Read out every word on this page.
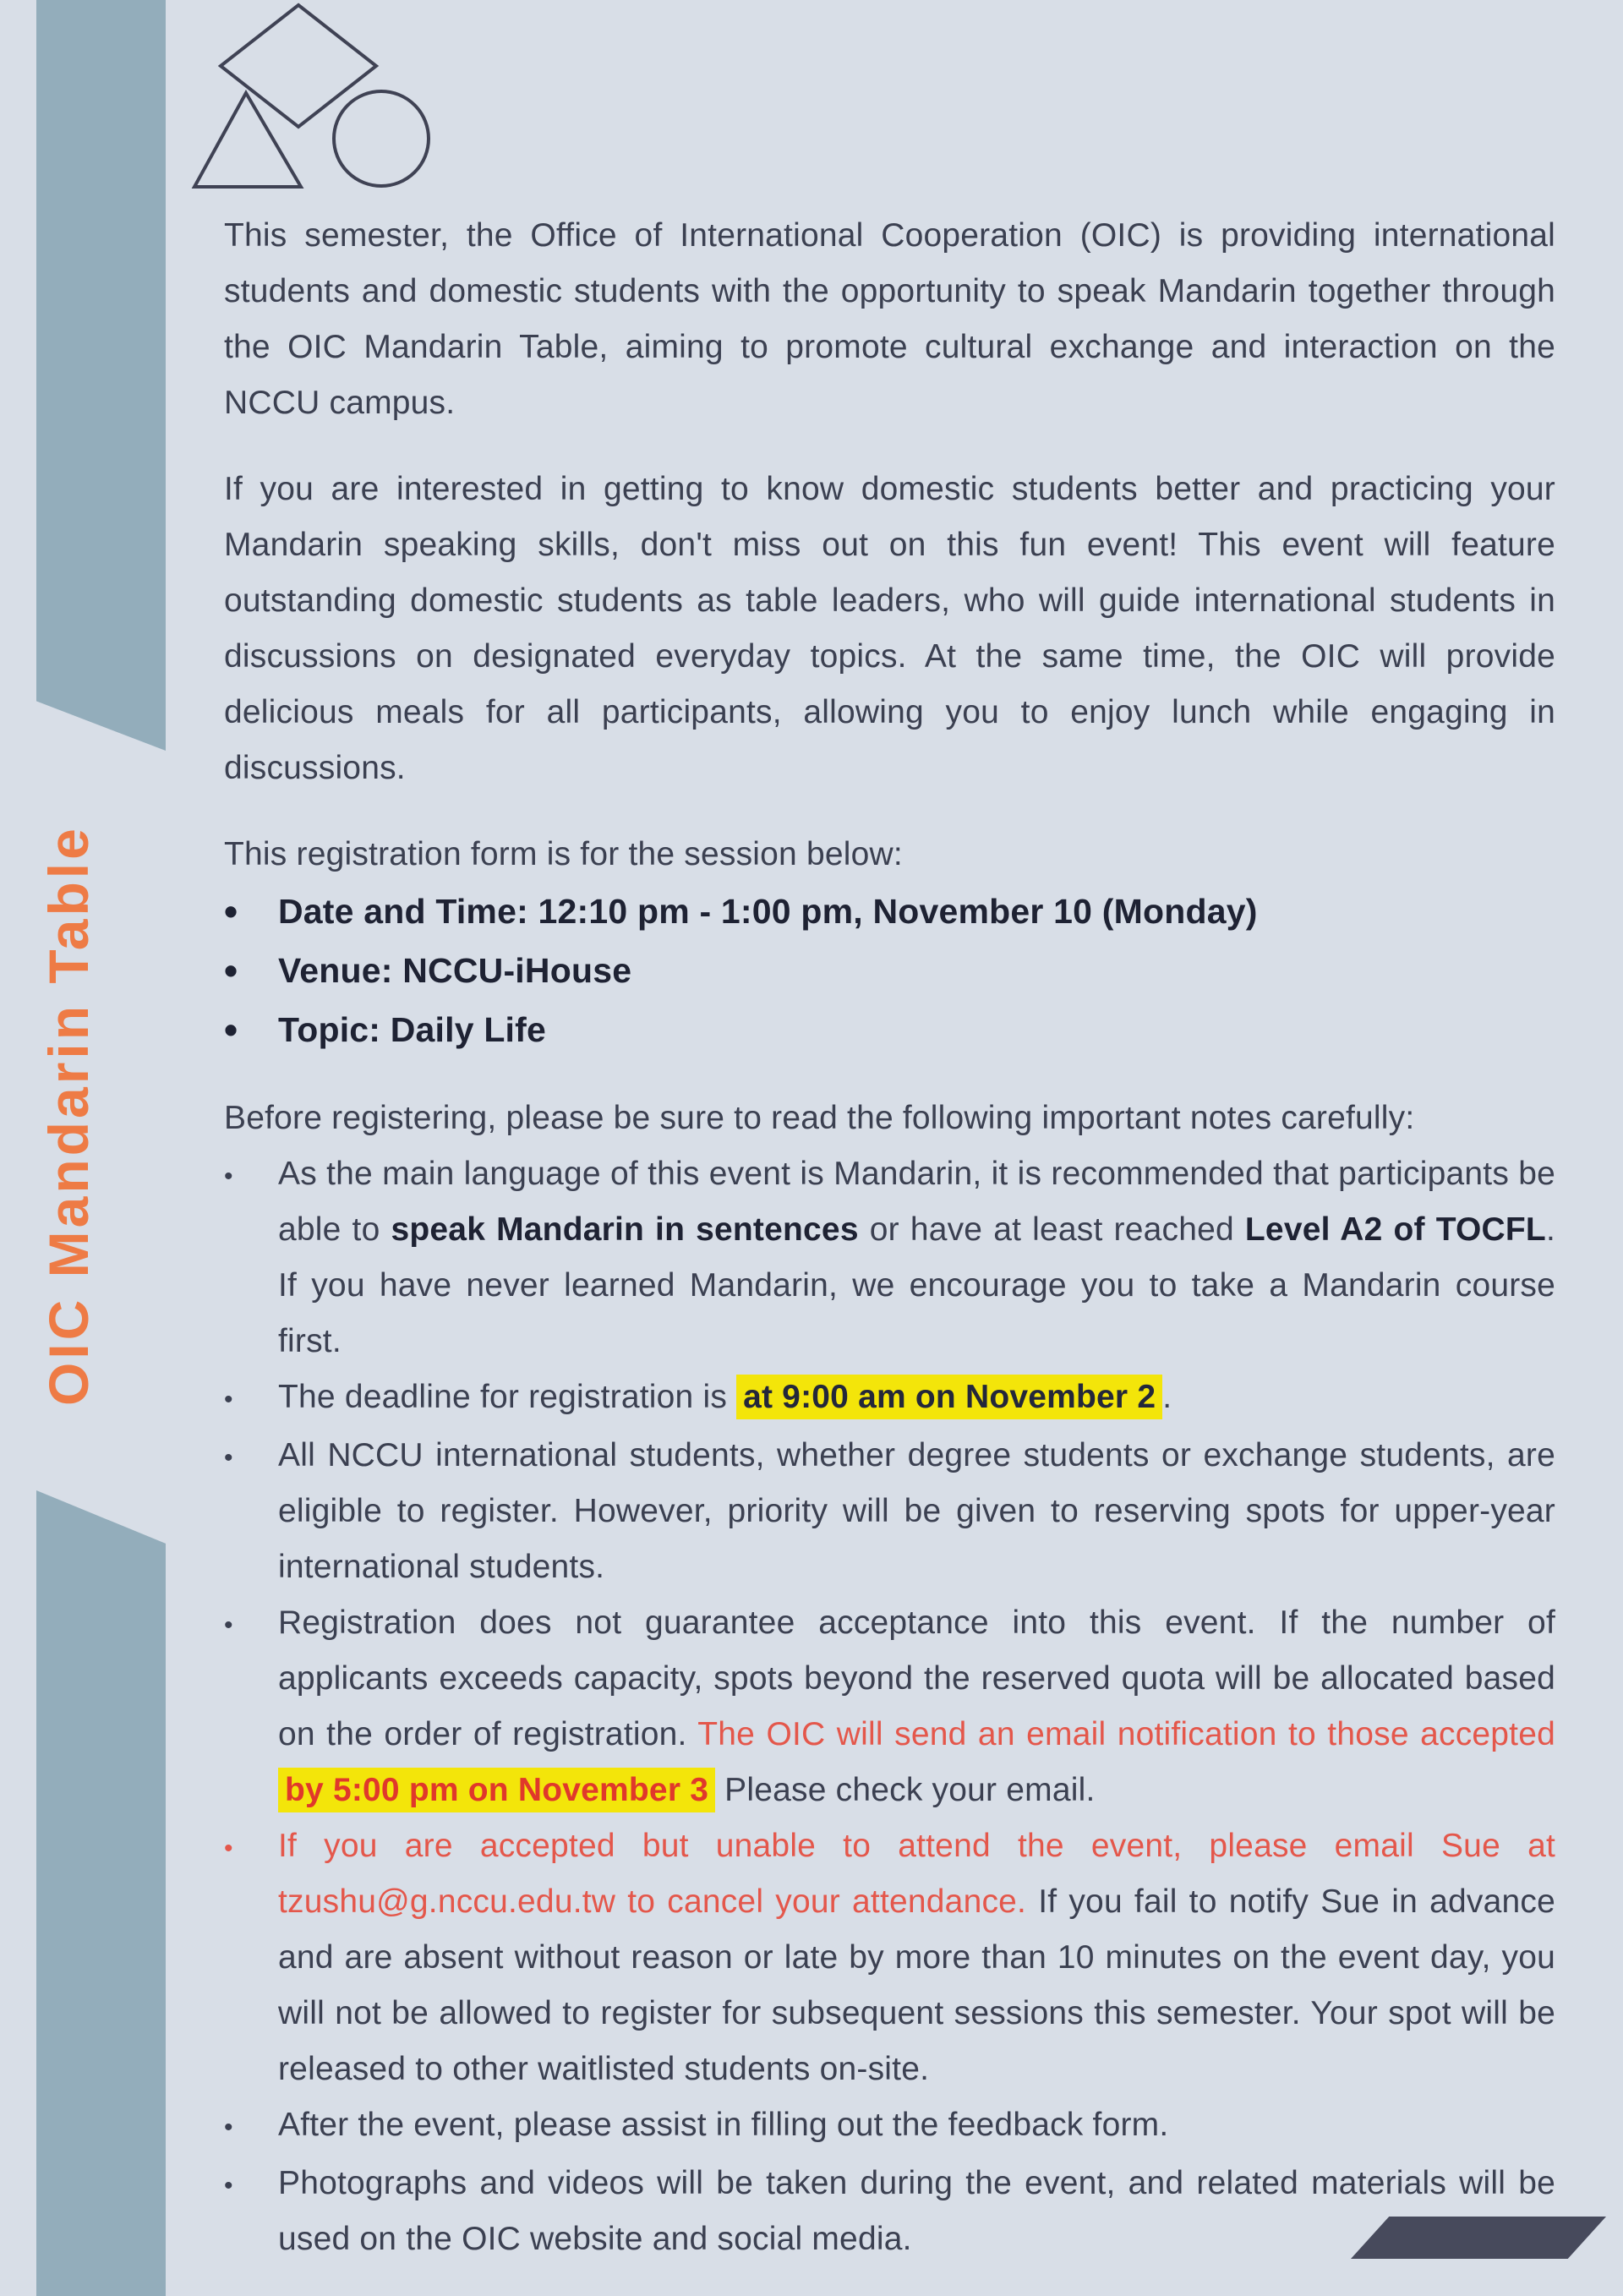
OIC Mandarin Table

This semester, the Office of International Cooperation (OIC) is providing international students and domestic students with the opportunity to speak Mandarin together through the OIC Mandarin Table, aiming to promote cultural exchange and interaction on the NCCU campus.

If you are interested in getting to know domestic students better and practicing your Mandarin speaking skills, don't miss out on this fun event! This event will feature outstanding domestic students as table leaders, who will guide international students in discussions on designated everyday topics. At the same time, the OIC will provide delicious meals for all participants, allowing you to enjoy lunch while engaging in discussions.

This registration form is for the session below:

•
Date and Time: 12:10 pm - 1:00 pm, November 10 (Monday)
•
Venue: NCCU-iHouse
•
Topic: Daily Life

Before registering, please be sure to read the following important notes carefully:

•

As the main language of this event is Mandarin, it is recommended that participants be able to speak Mandarin in sentences or have at least reached Level A2 of TOCFL. If you have never learned Mandarin, we encourage you to take a Mandarin course first.

•

The deadline for registration is at 9:00 am on November 2 .

•

All NCCU international students, whether degree students or exchange students, are eligible to register. However, priority will be given to reserving spots for upper-year international students.

•

Registration does not guarantee acceptance into this event. If the number of applicants exceeds capacity, spots beyond the reserved quota will be allocated based on the order of registration. The OIC will send an email notification to those accepted by 5:00 pm on November 3 Please check your email.

•

If you are accepted but unable to attend the event, please email Sue at tzushu@g.nccu.edu.tw to cancel your attendance. If you fail to notify Sue in advance and are absent without reason or late by more than 10 minutes on the event day, you will not be allowed to register for subsequent sessions this semester. Your spot will be released to other waitlisted students on-site.

•

After the event, please assist in filling out the feedback form.

•

Photographs and videos will be taken during the event, and related materials will be used on the OIC website and social media.
